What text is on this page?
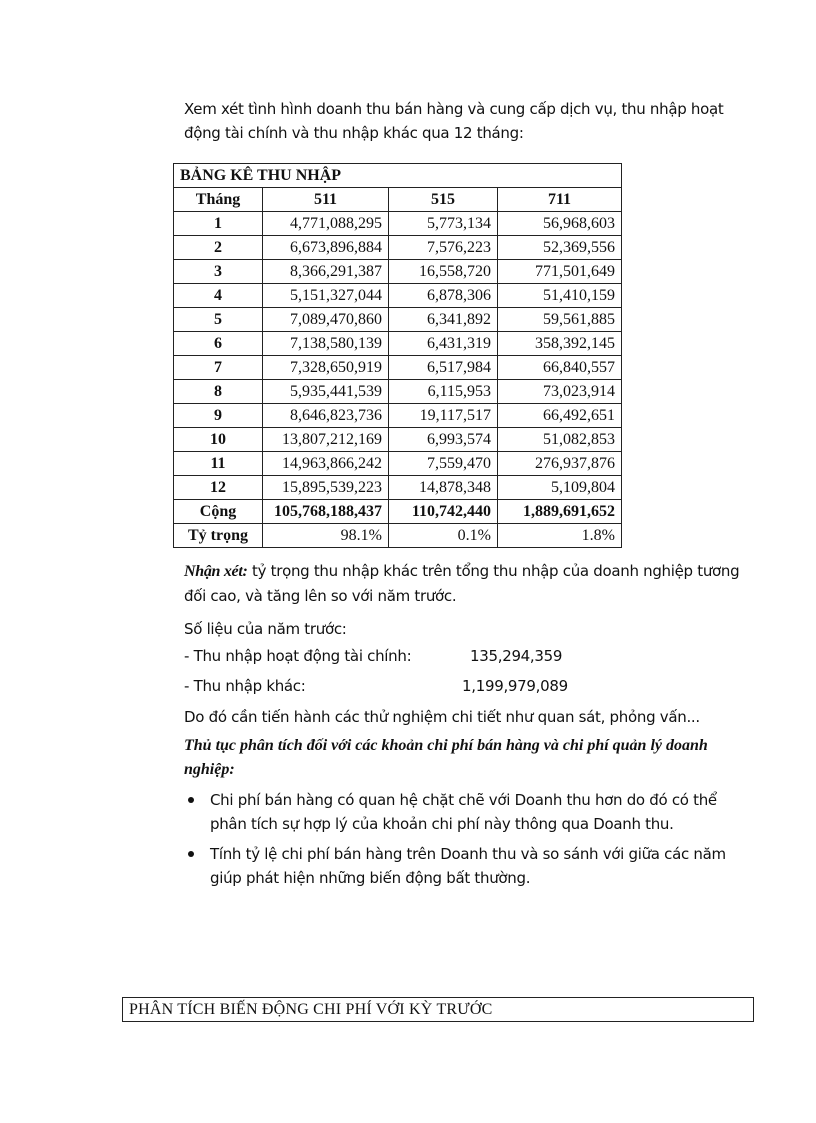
Xem xét tình hình doanh thu bán hàng và cung cấp dịch vụ, thu nhập hoạt động tài chính và thu nhập khác qua 12 tháng:
BẢNG KÊ THU NHẬP			
Tháng	511	515	711
1	4,771,088,295	5,773,134	56,968,603
2	6,673,896,884	7,576,223	52,369,556
3	8,366,291,387	16,558,720	771,501,649
4	5,151,327,044	6,878,306	51,410,159
5	7,089,470,860	6,341,892	59,561,885
6	7,138,580,139	6,431,319	358,392,145
7	7,328,650,919	6,517,984	66,840,557
8	5,935,441,539	6,115,953	73,023,914
9	8,646,823,736	19,117,517	66,492,651
10	13,807,212,169	6,993,574	51,082,853
11	14,963,866,242	7,559,470	276,937,876
12	15,895,539,223	14,878,348	5,109,804
Cộng	105,768,188,437	110,742,440	1,889,691,652
Tỷ trọng	98.1%	0.1%	1.8%
Nhận xét: tỷ trọng thu nhập khác trên tổng thu nhập của doanh nghiệp tương đối cao, và tăng lên so với năm trước.
Số liệu của năm trước:
- Thu nhập hoạt động tài chính:	135,294,359
- Thu nhập khác:	1,199,979,089
Do đó cần tiến hành các thử nghiệm chi tiết như quan sát, phỏng vấn...
Thủ tục phân tích đối với các khoản chi phí bán hàng và chi phí quản lý doanh nghiệp:
Chi phí bán hàng có quan hệ chặt chẽ với Doanh thu hơn do đó có thể phân tích sự hợp lý của khoản chi phí này thông qua Doanh thu.
Tính tỷ lệ chi phí bán hàng trên Doanh thu và so sánh với giữa các năm giúp phát hiện những biến động bất thường.
PHÂN TÍCH BIẾN ĐỘNG CHI PHÍ VỚI KỲ TRƯỚC
